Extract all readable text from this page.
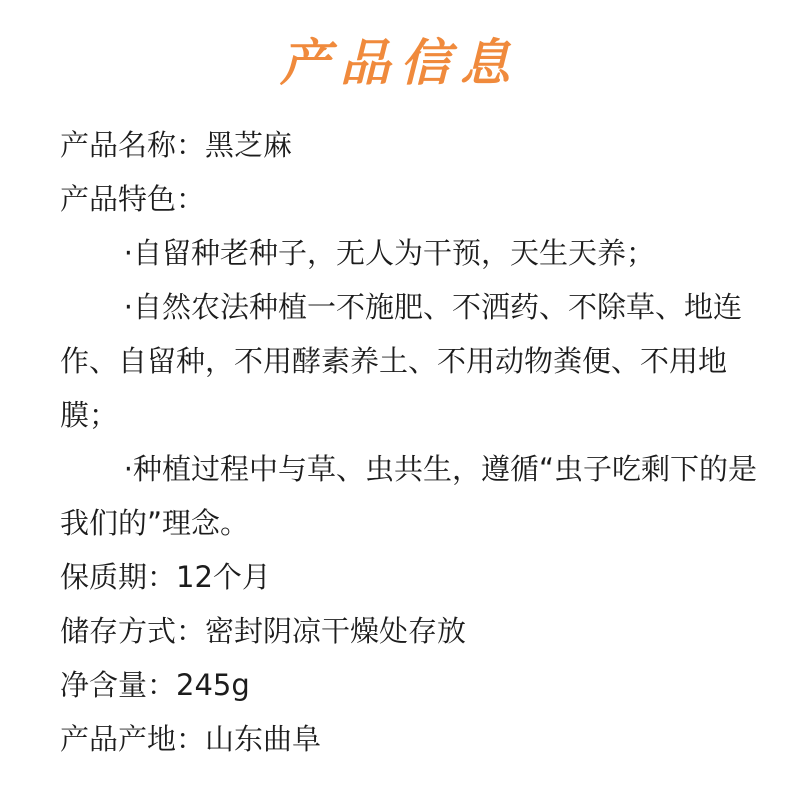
产品信息

产品名称：黑芝麻

产品特色：

·自留种老种子，无人为干预，天生天养；

·自然农法种植一不施肥、不洒药、不除草、地连作、自留种，不用酵素养土、不用动物粪便、不用地膜；

·种植过程中与草、虫共生，遵循“虫子吃剩下的是我们的”理念。

保质期：12个月

储存方式：密封阴凉干燥处存放

净含量：245g

产品产地：山东曲阜
